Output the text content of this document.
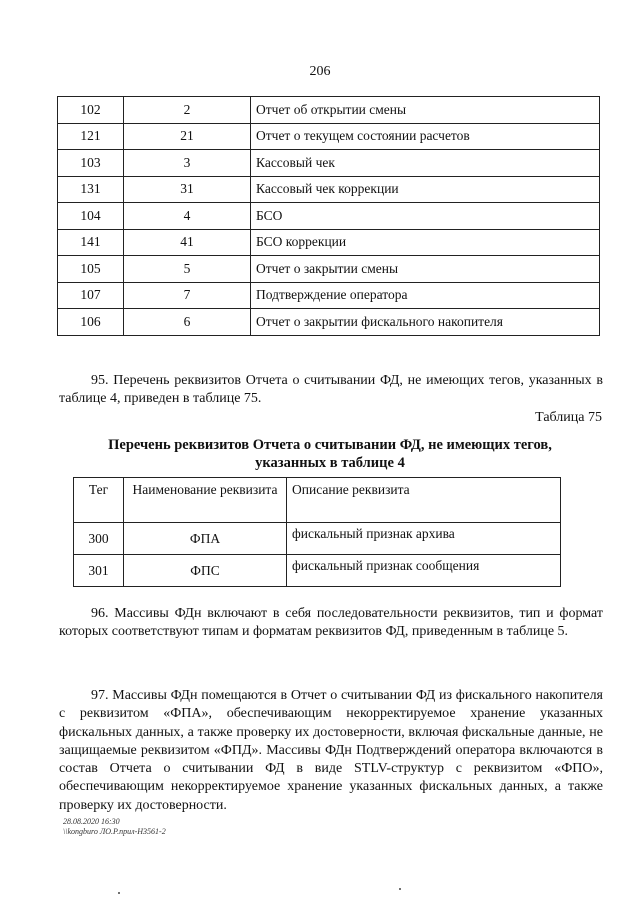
206
102	2	Отчет об открытии смены
121	21	Отчет о текущем состоянии расчетов
103	3	Кассовый чек
131	31	Кассовый чек коррекции
104	4	БСО
141	41	БСО коррекции
105	5	Отчет о закрытии смены
107	7	Подтверждение оператора
106	6	Отчет о закрытии фискального накопителя

95. Перечень реквизитов Отчета о считывании ФД, не имеющих тегов, указанных в таблице 4, приведен в таблице 75.

Таблица 75
Перечень реквизитов Отчета о считывании ФД, не имеющих тегов,
указанных в таблице 4
Тег	Наименование реквизита	Описание реквизита
300	ФПА	фискальный признак архива
301	ФПС	фискальный признак сообщения

96. Массивы ФДн включают в себя последовательности реквизитов, тип и формат которых соответствуют типам и форматам реквизитов ФД, приведенным в таблице 5.

97. Массивы ФДн помещаются в Отчет о считывании ФД из фискального накопителя с реквизитом «ФПА», обеспечивающим некорректируемое хранение указанных фискальных данных, а также проверку их достоверности, включая фискальные данные, не защищаемые реквизитом «ФПД». Массивы ФДн Подтверждений оператора включаются в состав Отчета о считывании ФД в виде STLV-структур с реквизитом «ФПО», обеспечивающим некорректируемое хранение указанных фискальных данных, а также проверку их достоверности.

28.08.2020 16:30
\\kongburo ЛО.Р.прил-Н3561-2
